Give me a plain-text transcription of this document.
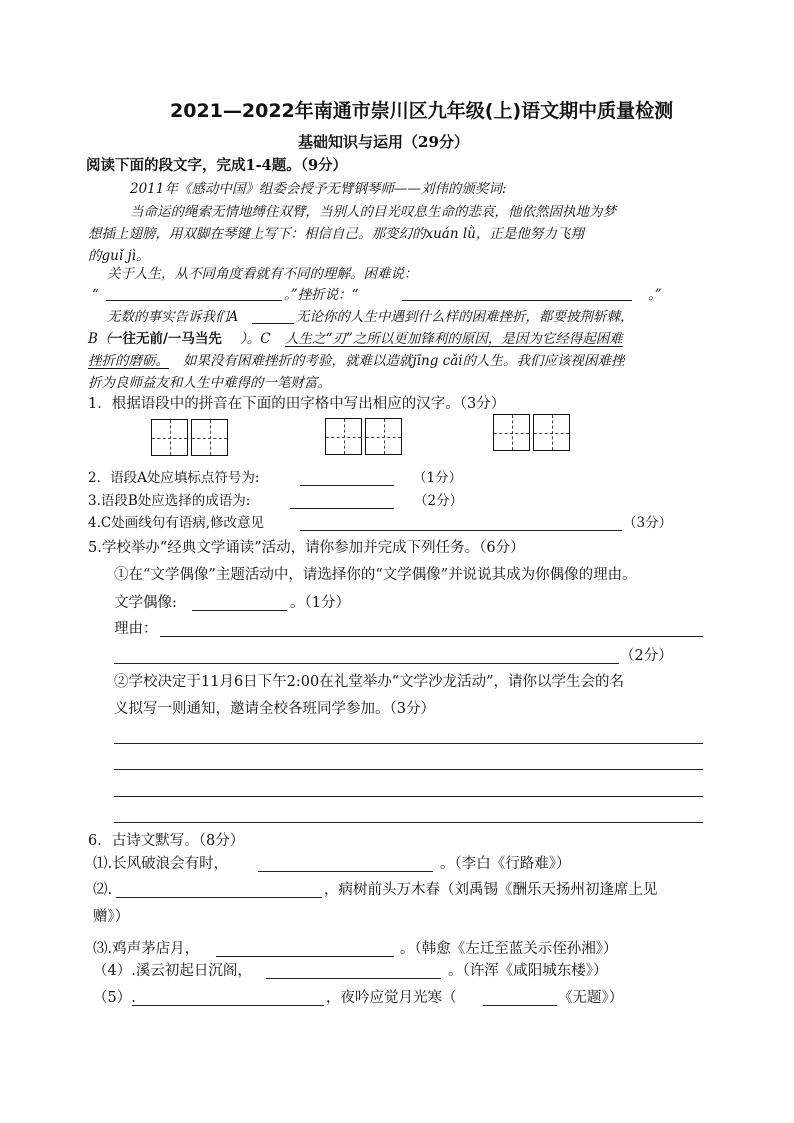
2021—2022年南通市崇川区九年级(上)语文期中质量检测
基础知识与运用（29分）
阅读下面的段文字，完成1-4题。（9分）
2011年《感动中国》组委会授予无臂钢琴师——刘伟的颁奖词:
当命运的绳索无情地缚住双臂，当别人的目光叹息生命的悲哀，他依然固执地为梦
想插上翅膀，用双脚在琴键上写下：相信自己。那变幻的xuán lǜ，正是他努力飞翔
的guǐ jì。
关于人生，从不同角度看就有不同的理解。困难说：
“	。”挫折说：“	。”
无数的事实告诉我们A	无论你的人生中遇到什么样的困难挫折，都要披荆斩棘，
B（
一往无前/一马当先 ）。C 人生之“刃”之所以更加锋利的原因，是因为它经得起困难
挫折的磨砺。 如果没有困难挫折的考验，就难以造就jīng cǎi的人生。我们应该视困难挫
折为良师益友和人生中难得的一笔财富。
1．根据语段中的拼音在下面的田字格中写出相应的汉字。（3分）
2．语段A处应填标点符号为:	（1分）
3.语段B处应选择的成语为:	（2分）
4.C处画线句有语病,修改意见	（3分）
5.学校举办“经典文学诵读”活动，请你参加并完成下列任务。（6分）
①在“文学偶像”主题活动中，请选择你的“文学偶像”并说说其成为你偶像的理由。
文学偶像:	。（1分）
理由：
（2分）
②学校决定于11月6日下午2:00在礼堂举办“文学沙龙活动”，请你以学生会的名
义拟写一则通知，邀请全校各班同学参加。（3分）
6．古诗文默写。（8分）
⑴.长风破浪会有时，	。（李白《行路难》）
⑵.	，病树前头万木春（刘禹锡《酬乐天扬州初逢席上见
赠》）
⑶.鸡声茅店月，	。（韩愈《左迁至蓝关示侄孙湘》）
（4）.溪云初起日沉阁，	。（许浑《咸阳城东楼》）
（5）.	，夜吟应觉月光寒（	《无题》）
